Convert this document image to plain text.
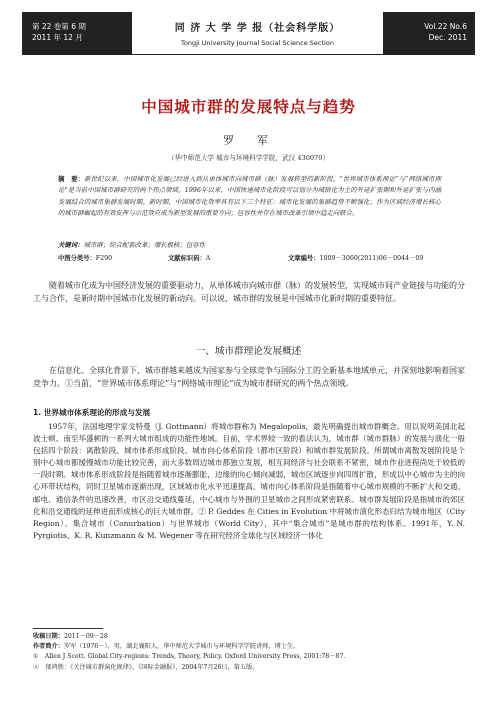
第 22 卷第 6 期
2011 年 12 月
同 济 大 学 学 报（社会科学版）
Tongji University Journal Social Science Section
Vol.22 No.6
Dec. 2011
中国城市群的发展特点与趋势
罗　军
（华中师范大学 城市与环境科学学院，武汉 430079）
摘　要：新世纪以来，中国城市化发展已经进入到从单体城市向城市群（脉）发展转型的新阶段。“世界城市体系理论”与“网络城市理论”是当前中国城市群研究的两个热点领域。1996年以来，中国快速城市化阶段可以划分为城镇化为主的外延扩张期和外延扩张与内涵发展结合的城市集群发展时期。新时期，中国城市化效率具有以下三个特征：城市化发展的集群趋势不断强化；作为区域经济增长核心的城市群崛起的有效发挥与示范效应成为新型发展的重要方向；包容性并存在城市改革引领中趋走向联合。
关键词：城市群；综合配套改革；增长极核；包容性
中图分类号：F290	文献标识码：A	文章编号：1009－3060(2011)06－0044－09
随着城市化成为中国经济发展的重要驱动力，从单体城市向城市群（脉）的发展转型，实现城市间产业链接与功能的分工与合作，是新时期中国城市化发展的新动向。可以说，城市群的发展是中国城市化新时期的重要特征。
一、城市群理论发展概述
在信息化、全球化背景下，城市群越来越成为国家参与全球竞争与国际分工的全新基本地域单元，并深刻地影响着国家竞争力。①当前，“世界城市体系理论”与“网络城市理论”成为城市群研究的两个热点领域。
1. 世界城市体系理论的形成与发展
1957年，法国地理学家戈特曼（J. Gottmann）将城市群称为 Megalopolis，最先明确提出城市群概念。用以说明美国北起波士顿、南至华盛顿的一系列大城市组成的功能性地域。目前，学术界较一致的看法认为，城市群（城市群脉）的发展与演化一般包括四个阶段：离散阶段、城市体系形成阶段、城市向心体系阶段（都市区阶段）和城市群发展阶段。所谓城市离散发展阶段是个别中心城市都缓慢城市功能比较完善，而大多数周边城市都独立发展，相互间经济与社会联系不紧密，城市作业进程尚处于较低的一段时期。城市体系形成阶段是指随着城市逐渐膨胀，边缘的向心倾向减弱，城市区域逐步向四周扩散，形成以中心城市为主的向心环带状结构，同时卫星城市逐渐出现，区域城市化水平迅速提高。城市向心体系阶段是指随着中心城市规模的不断扩大和交通、邮电、通信条件的迅速改善，市区沿交通线蔓延，中心城市与外围的卫星城市之间形成紧密联系。城市群发展阶段是指城市的郊区化和沿交通线的延伸进而形成核心的巨大城市群。② P. Geddes 在 Cities in Evolution 中将城市演化形态归结为城市地区（City Region）、集合城市（Conurbation）与世界城市（World City），其中“集合城市”是城市群的结构体系。1991年，Y. N. Pyrgiotis、K. R. Kunzmann & M. Wegener 等在研究经济全球化与区域经济一体化
收稿日期：2011－09－28
作者简介：罗军（1976－），男，湖北襄阳人，华中师范大学城市与环境科学学院讲师，博士生。
①　Allen J Scott. Global City-regions: Trends, Theory, Policy. Oxford University Press, 2001:78－87.
②　郁鸿胜：《关注城市群演化规律》，《国际金融报》，2004年7月26日，第五版。
